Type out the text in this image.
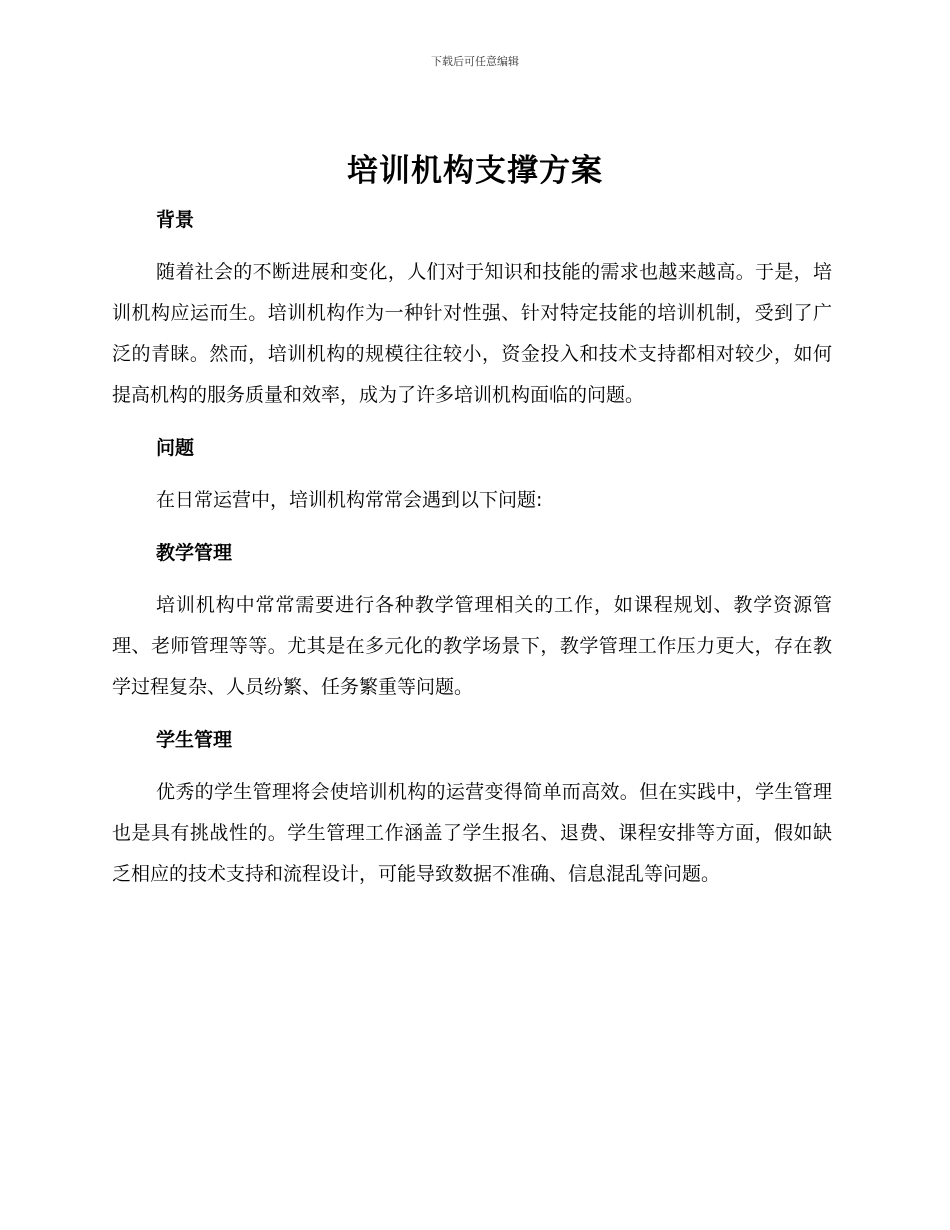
下载后可任意编辑
培训机构支撑方案
背景

随着社会的不断进展和变化，人们对于知识和技能的需求也越来越高。于是，培训机构应运而生。培训机构作为一种针对性强、针对特定技能的培训机制，受到了广泛的青睐。然而，培训机构的规模往往较小，资金投入和技术支持都相对较少，如何提高机构的服务质量和效率，成为了许多培训机构面临的问题。

问题

在日常运营中，培训机构常常会遇到以下问题:

教学管理

培训机构中常常需要进行各种教学管理相关的工作，如课程规划、教学资源管理、老师管理等等。尤其是在多元化的教学场景下，教学管理工作压力更大，存在教学过程复杂、人员纷繁、任务繁重等问题。

学生管理

优秀的学生管理将会使培训机构的运营变得简单而高效。但在实践中，学生管理也是具有挑战性的。学生管理工作涵盖了学生报名、退费、课程安排等方面，假如缺乏相应的技术支持和流程设计，可能导致数据不准确、信息混乱等问题。
